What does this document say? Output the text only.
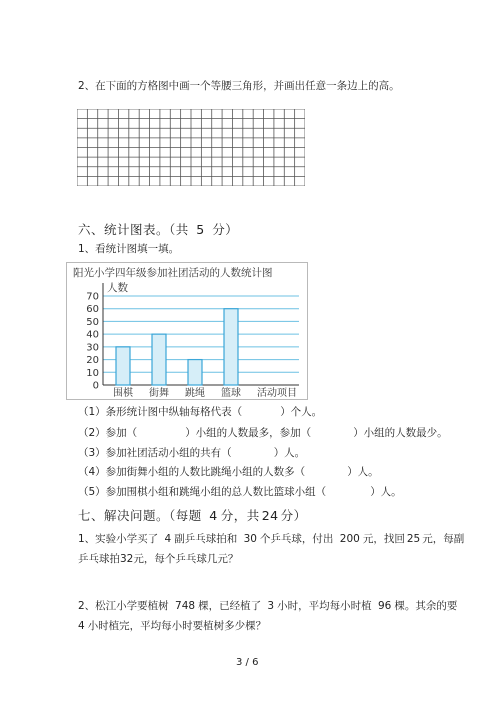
2、在下面的方格图中画一个等腰三角形，并画出任意一条边上的高。
六、统计图表。（共 5 分）
1、看统计图填一填。
阳光小学四年级参加社团活动的人数统计图
0
10
20
30
40
50
60
70
人数
围棋 街舞 跳绳 篮球 活动项目
（1）条形统计图中纵轴每格代表（	）个人。
（2）参加（	）小组的人数最多，参加（	）小组的人数最少。
（3）参加社团活动小组的共有（	）人。
（4）参加街舞小组的人数比跳绳小组的人数多（	）人。
（5）参加围棋小组和跳绳小组的总人数比篮球小组（	）人。
七、解决问题。（每题 4 分，共 24 分）
1、实验小学买了 4 副乒乓球拍和 30 个乒乓球，付出 200 元，找回 25 元，每副
乒乓球拍32元，每个乒乓球几元？
2、松江小学要植树 748 棵，已经植了 3 小时，平均每小时植 96 棵。其余的要
4 小时植完，平均每小时要植树多少棵？
3 / 6
